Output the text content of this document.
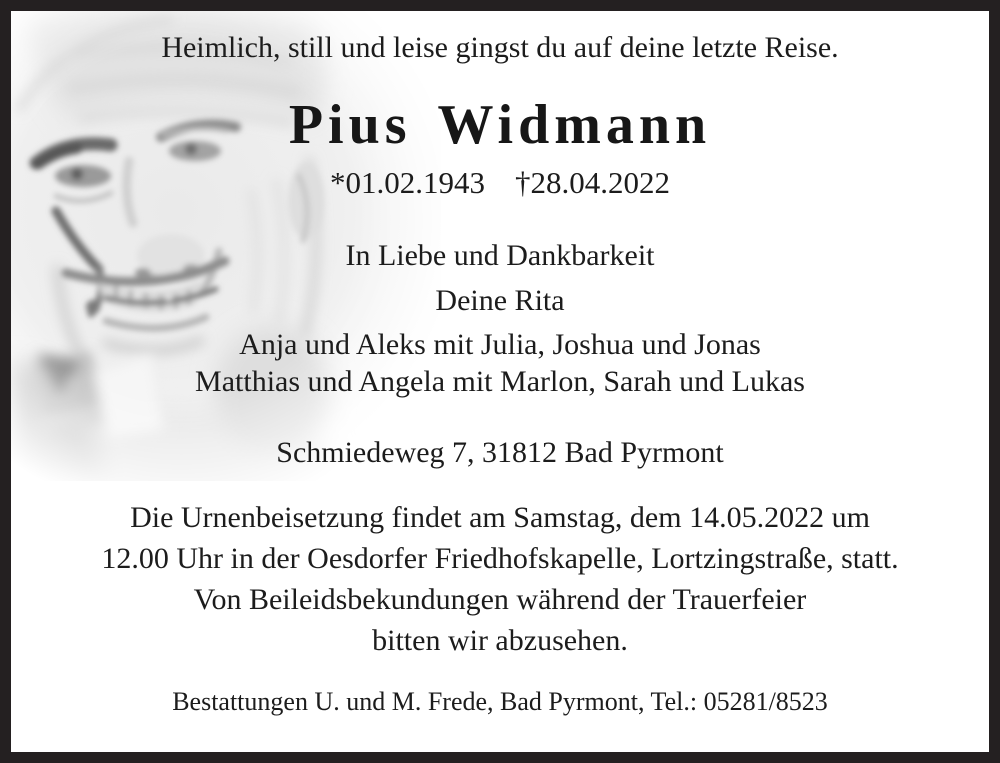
Heimlich, still und leise gingst du auf deine letzte Reise.
Pius Widmann
*01.02.1943 †28.04.2022
In Liebe und Dankbarkeit
Deine Rita
Anja und Aleks mit Julia, Joshua und Jonas
Matthias und Angela mit Marlon, Sarah und Lukas
Schmiedeweg 7, 31812 Bad Pyrmont
Die Urnenbeisetzung findet am Samstag, dem 14.05.2022 um
12.00 Uhr in der Oesdorfer Friedhofskapelle, Lortzingstraße, statt.
Von Beileidsbekundungen während der Trauerfeier
bitten wir abzusehen.
Bestattungen U. und M. Frede, Bad Pyrmont, Tel.: 05281/8523
